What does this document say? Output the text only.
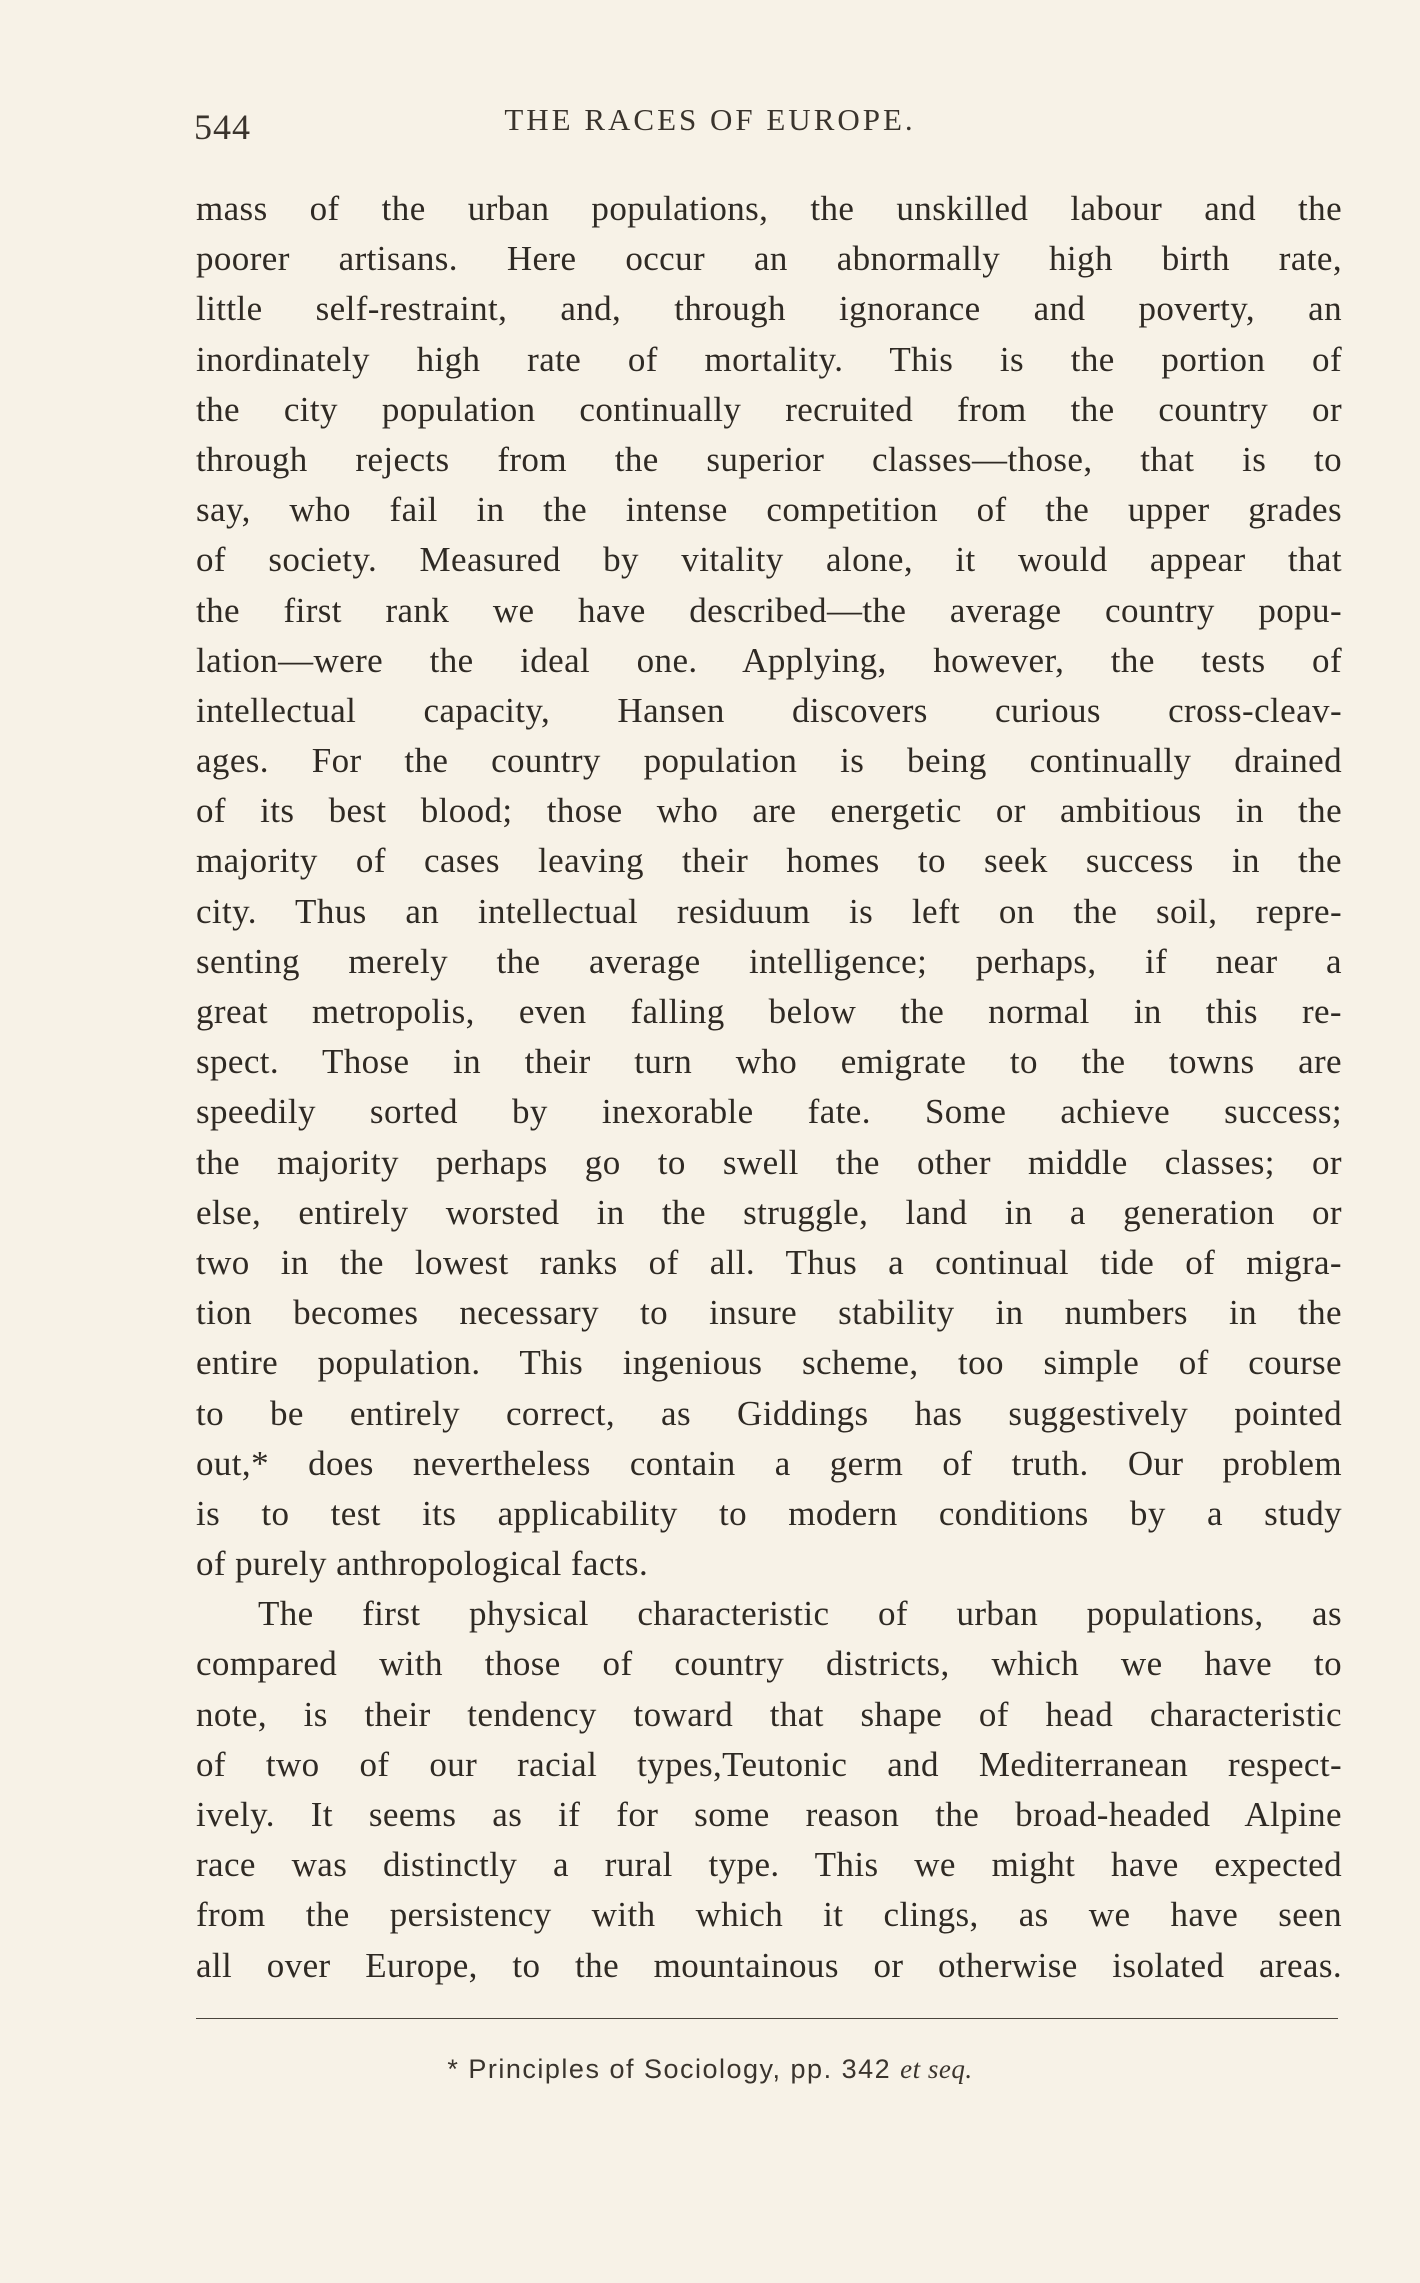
544	THE RACES OF EUROPE.
mass of the urban populations, the unskilled labour and the
poorer artisans. Here occur an abnormally high birth rate,
little self-restraint, and, through ignorance and poverty, an
inordinately high rate of mortality. This is the portion of
the city population continually recruited from the country or
through rejects from the superior classes—those, that is to
say, who fail in the intense competition of the upper grades
of society. Measured by vitality alone, it would appear that
the first rank we have described—the average country popu-
lation—were the ideal one. Applying, however, the tests of
intellectual capacity, Hansen discovers curious cross-cleav-
ages. For the country population is being continually drained
of its best blood; those who are energetic or ambitious in the
majority of cases leaving their homes to seek success in the
city. Thus an intellectual residuum is left on the soil, repre-
senting merely the average intelligence; perhaps, if near a
great metropolis, even falling below the normal in this re-
spect. Those in their turn who emigrate to the towns are
speedily sorted by inexorable fate. Some achieve success;
the majority perhaps go to swell the other middle classes; or
else, entirely worsted in the struggle, land in a generation or
two in the lowest ranks of all. Thus a continual tide of migra-
tion becomes necessary to insure stability in numbers in the
entire population. This ingenious scheme, too simple of course
to be entirely correct, as Giddings has suggestively pointed
out,* does nevertheless contain a germ of truth. Our problem
is to test its applicability to modern conditions by a study
of purely anthropological facts.
The first physical characteristic of urban populations, as
compared with those of country districts, which we have to
note, is their tendency toward that shape of head characteristic
of two of our racial types,Teutonic and Mediterranean respect-
ively. It seems as if for some reason the broad-headed Alpine
race was distinctly a rural type. This we might have expected
from the persistency with which it clings, as we have seen
all over Europe, to the mountainous or otherwise isolated areas.
* Principles of Sociology, pp. 342 et seq.
